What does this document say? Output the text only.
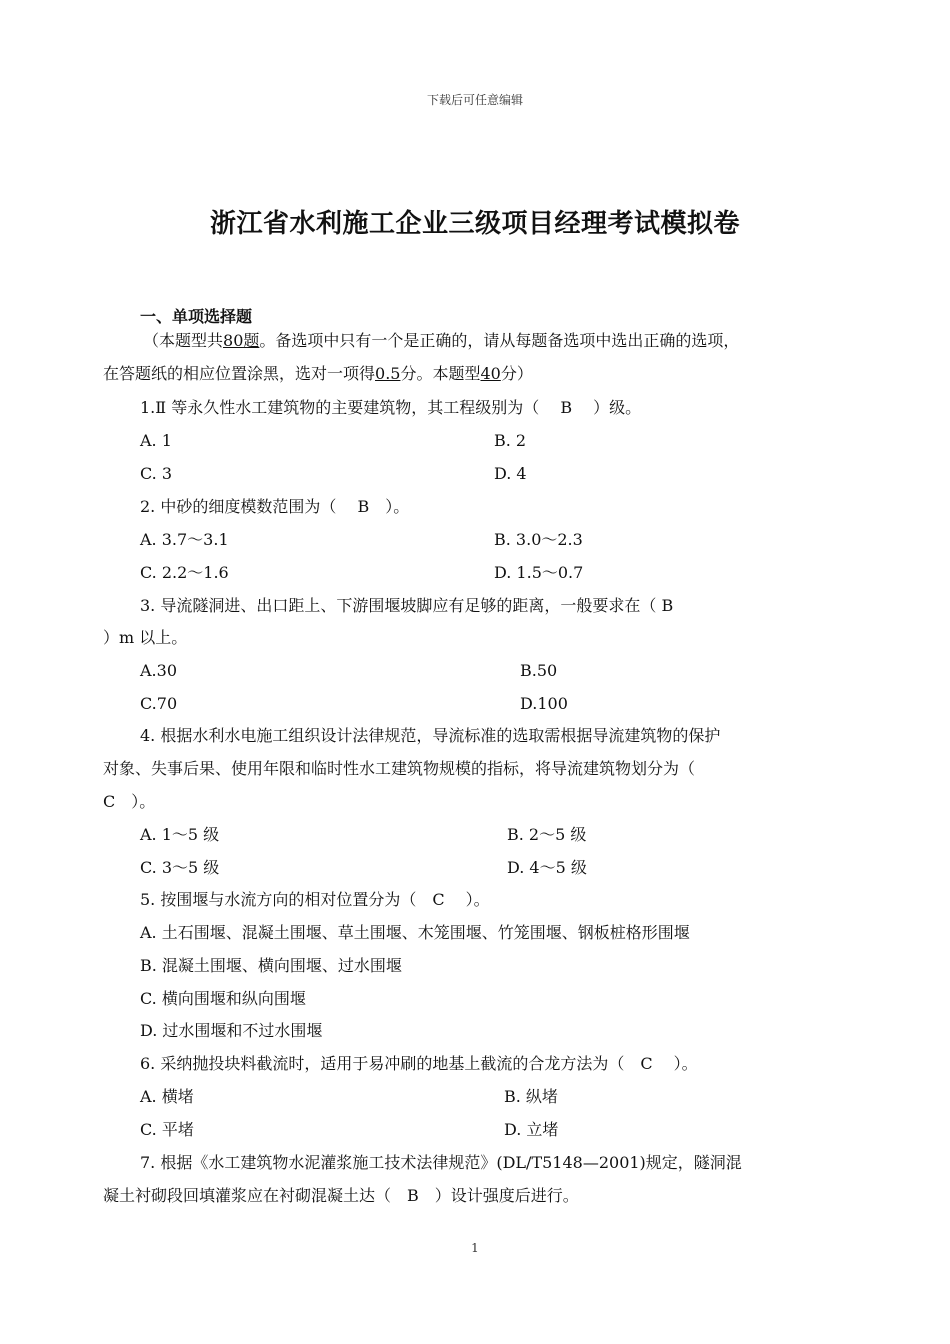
下载后可任意编辑
浙江省水利施工企业三级项目经理考试模拟卷
一、单项选择题
（本题型共80题。备选项中只有一个是正确的，请从每题备选项中选出正确的选项，
在答题纸的相应位置涂黑，选对一项得0.5分。本题型40分）
1.Ⅱ 等永久性水工建筑物的主要建筑物，其工程级别为（　 B 　）级。
A. 1	B. 2
C. 3	D. 4
2. 中砂的细度模数范围为（　 B　）。
A. 3.7～3.1	B. 3.0～2.3
C. 2.2～1.6	D. 1.5～0.7
3. 导流隧洞进、出口距上、下游围堰坡脚应有足够的距离，一般要求在（ B
）m 以上。
A.30	B.50
C.70	D.100
4. 根据水利水电施工组织设计法律规范，导流标准的选取需根据导流建筑物的保护
对象、失事后果、使用年限和临时性水工建筑物规模的指标，将导流建筑物划分为（
C　）。
A. 1～5 级	B. 2～5 级
C. 3～5 级	D. 4～5 级
5. 按围堰与水流方向的相对位置分为（　C　 ）。
A. 土石围堰、混凝土围堰、草土围堰、木笼围堰、竹笼围堰、钢板桩格形围堰
B. 混凝土围堰、横向围堰、过水围堰
C. 横向围堰和纵向围堰
D. 过水围堰和不过水围堰
6. 采纳抛投块料截流时，适用于易冲刷的地基上截流的合龙方法为（　C　 ）。
A. 横堵	B. 纵堵
C. 平堵	D. 立堵
7. 根据《水工建筑物水泥灌浆施工技术法律规范》(DL/T5148—2001)规定，隧洞混
凝土衬砌段回填灌浆应在衬砌混凝土达（　B　）设计强度后进行。
1
